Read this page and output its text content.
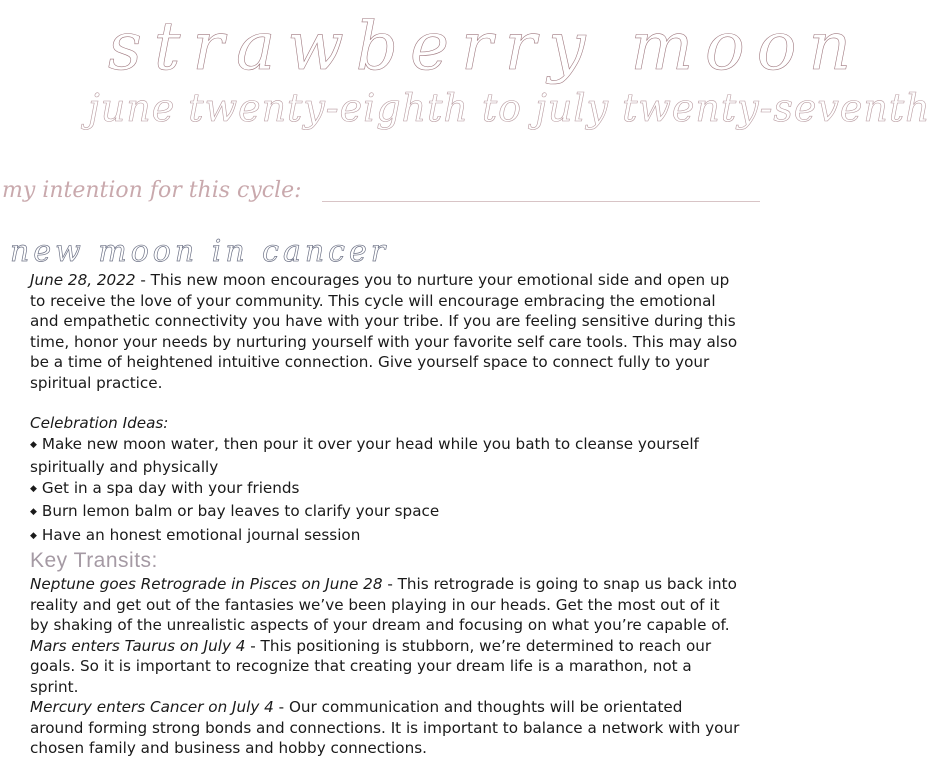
strawberry moon
june twenty-eighth to july twenty-seventh
my intention for this cycle:
new moon in cancer

June 28, 2022 - This new moon encourages you to nurture your emotional side and open up to receive the love of your community. This cycle will encourage embracing the emotional and empathetic connectivity you have with your tribe. If you are feeling sensitive during this time, honor your needs by nurturing yourself with your favorite self care tools. This may also be a time of heightened intuitive connection. Give yourself space to connect fully to your spiritual practice.

Celebration Ideas:

◆ Make new moon water, then pour it over your head while you bath to cleanse yourself spiritually and physically

◆ Get in a spa day with your friends

◆ Burn lemon balm or bay leaves to clarify your space

◆ Have an honest emotional journal session

Key Transits:

Neptune goes Retrograde in Pisces on June 28 - This retrograde is going to snap us back into reality and get out of the fantasies we’ve been playing in our heads. Get the most out of it by shaking of the unrealistic aspects of your dream and focusing on what you’re capable of.

Mars enters Taurus on July 4 - This positioning is stubborn, we’re determined to reach our goals. So it is important to recognize that creating your dream life is a marathon, not a sprint.

Mercury enters Cancer on July 4 - Our communication and thoughts will be orientated around forming strong bonds and connections. It is important to balance a network with your chosen family and business and hobby connections.
